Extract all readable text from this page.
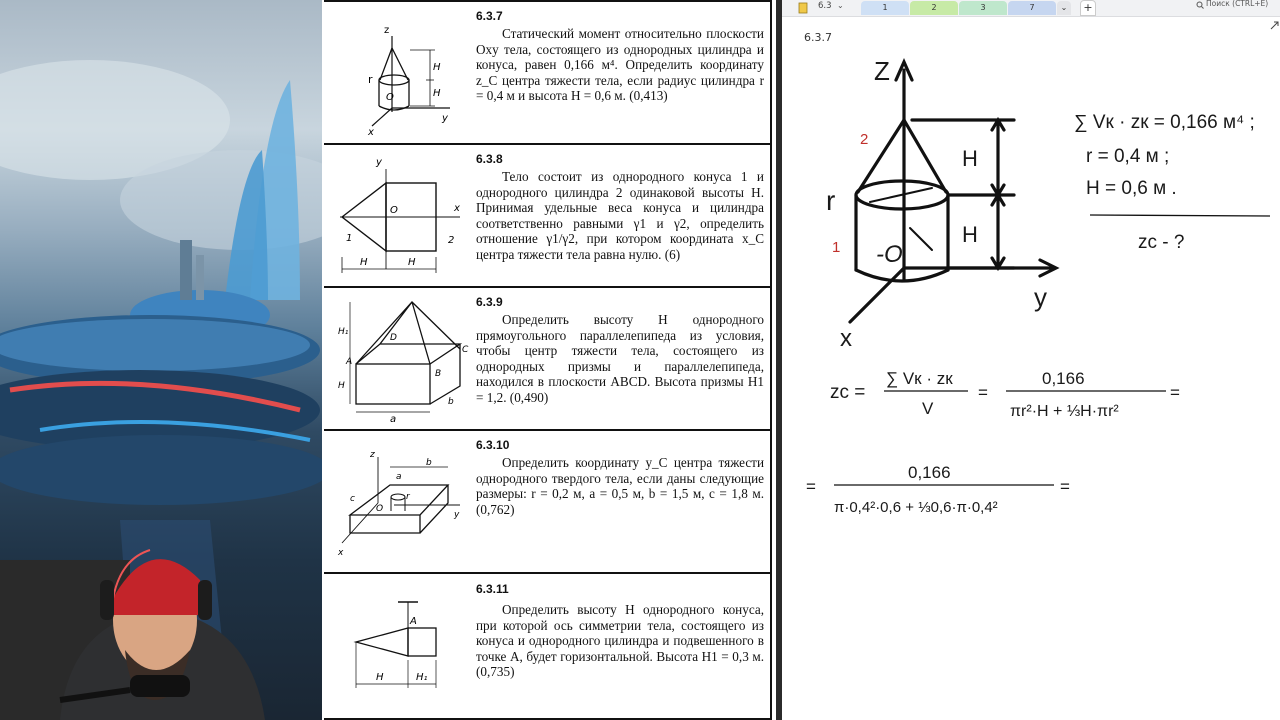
z
r
O
H
H
y
x
6.3.7
Статический момент относительно плоскости Oxy тела, состоящего из однородных цилиндра и конуса, равен 0,166 м⁴. Определить координату z_C центра тяжести тела, если радиус цилиндра r = 0,4 м и высота H = 0,6 м. (0,413)
y
O	x
1	2
H	H
6.3.8
Тело состоит из однородного конуса 1 и однородного цилиндра 2 одинаковой высоты H. Принимая удельные веса конуса и цилиндра соответственно равными γ1 и γ2, определить отношение γ1/γ2, при котором координата x_C центра тяжести тела равна нулю. (6)
H₁
H
a
B
C
D
A
b
6.3.9
Определить высоту H однородного прямоугольного параллелепипеда из условия, чтобы центр тяжести тела, состоящего из однородных призмы и параллелепипеда, находился в плоскости ABCD. Высота призмы H1 = 1,2. (0,490)
z
a
b
c
O
r
y
x
6.3.10
Определить координату y_C центра тяжести однородного твердого тела, если даны следующие размеры: r = 0,2 м, a = 0,5 м, b = 1,5 м, c = 1,8 м. (0,762)
A
H	H₁
6.3.11
Определить высоту H однородного конуса, при которой ось симметрии тела, состоящего из конуса и однородного цилиндра и подвешенного в точке A, будет горизонтальной. Высота H1 = 0,3 м. (0,735)
6.3 ⌄	1	2	3	7	⌄	+	Поиск (CTRL+E)
6.3.7
Z
y
x
2
1
r
-O
H
H
∑ Vк · zк = 0,166 м⁴ ;
r = 0,4 м ;
H = 0,6 м .
zc - ?
zc =
∑ Vк · zк
V
=
0,166
πr²·H + ⅓H·πr²
=
=
0,166
π·0,4²·0,6 + ⅓0,6·π·0,4²
=
